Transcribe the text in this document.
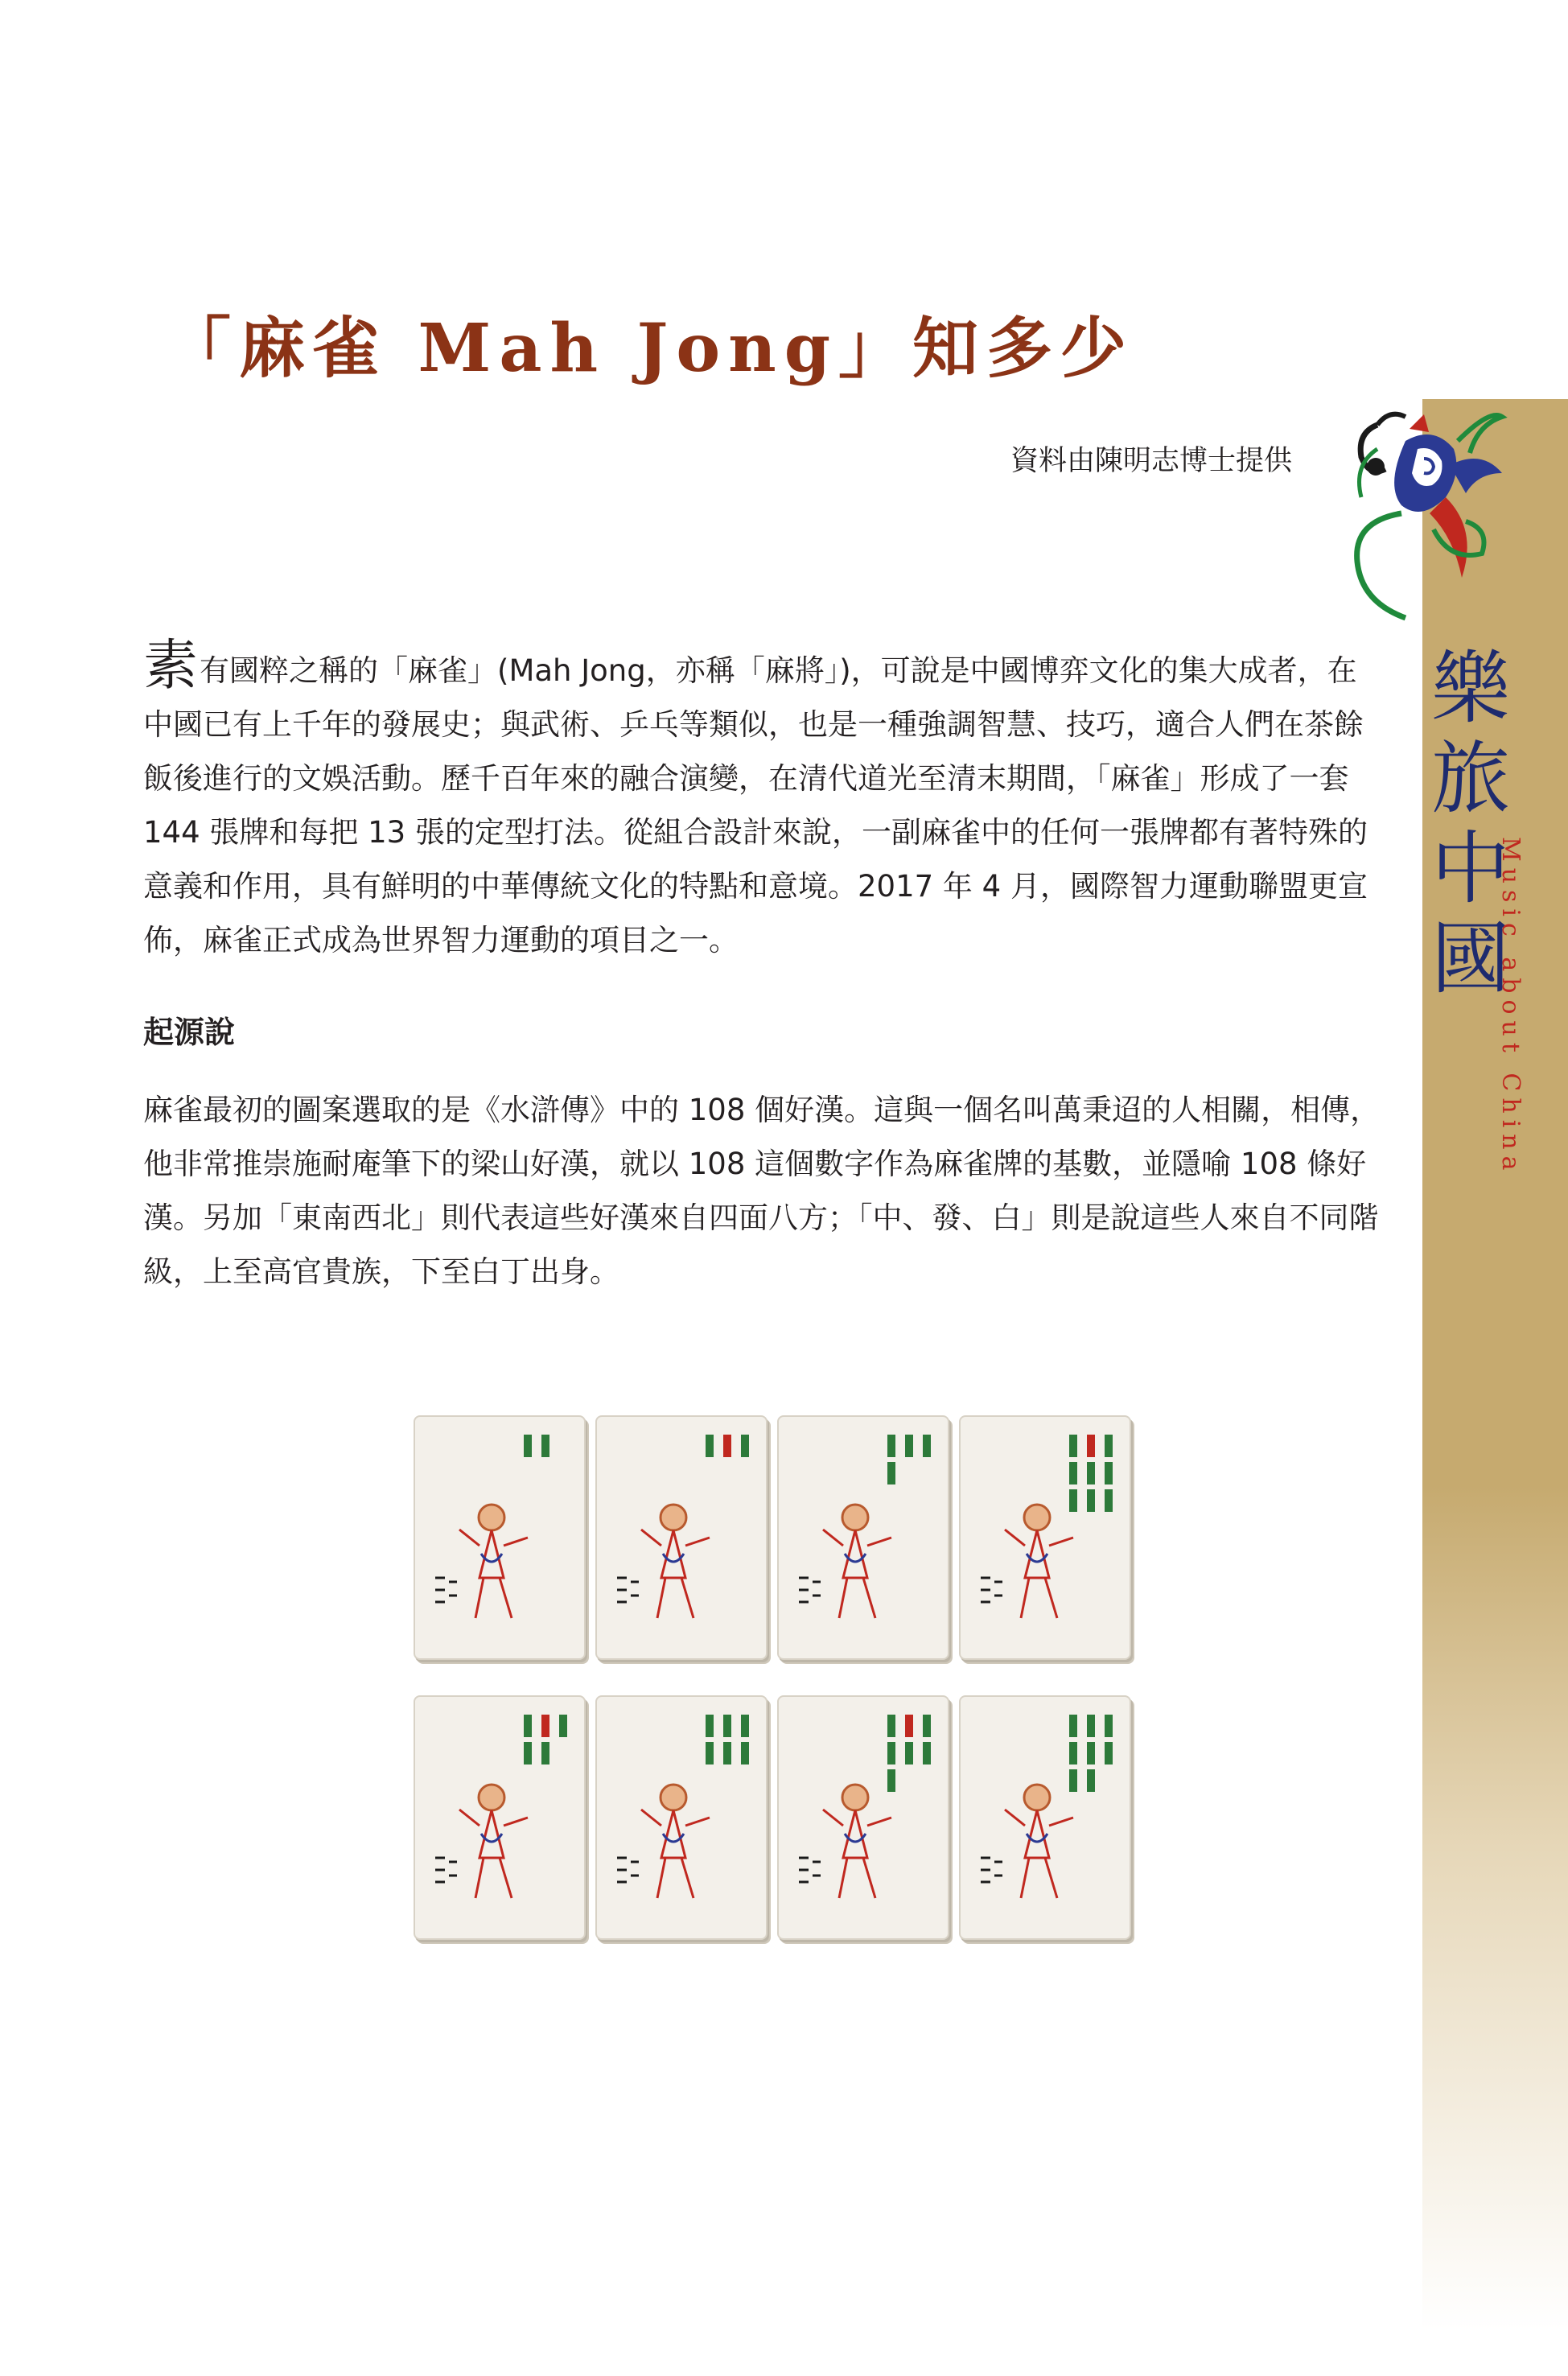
樂
旅
中
國
Music about China
「麻雀 Mah Jong」知多少
資料由陳明志博士提供
素有國粹之稱的「麻雀」(Mah Jong，亦稱「麻將」)，可說是中國博弈文化的集大成者，在中國已有上千年的發展史；與武術、乒乓等類似，也是一種強調智慧、技巧，適合人們在茶餘飯後進行的文娛活動。歷千百年來的融合演變，在清代道光至清末期間，「麻雀」形成了一套 144 張牌和每把 13 張的定型打法。從組合設計來說，一副麻雀中的任何一張牌都有著特殊的意義和作用，具有鮮明的中華傳統文化的特點和意境。2017 年 4 月，國際智力運動聯盟更宣佈，麻雀正式成為世界智力運動的項目之一。
起源說
麻雀最初的圖案選取的是《水滸傳》中的 108 個好漢。這與一個名叫萬秉迢的人相關，相傳，他非常推崇施耐庵筆下的梁山好漢，就以 108 這個數字作為麻雀牌的基數，並隱喻 108 條好漢。另加「東南西北」則代表這些好漢來自四面八方；「中、發、白」則是說這些人來自不同階級，上至高官貴族，下至白丁出身。
